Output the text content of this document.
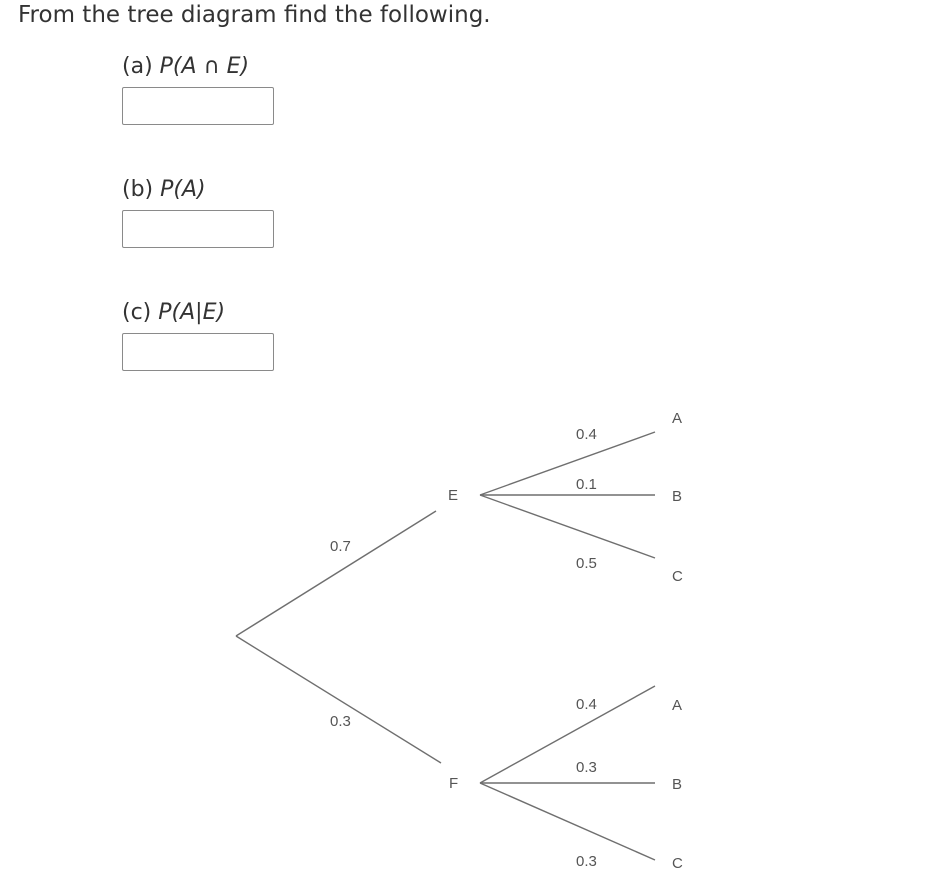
From the tree diagram find the following.
(a) P(A ∩ E)
(b) P(A)
(c) P(A|E)
0.7
0.3
E
F
0.4
0.1
0.5
A
B
C
0.4
0.3
0.3
A
B
C
